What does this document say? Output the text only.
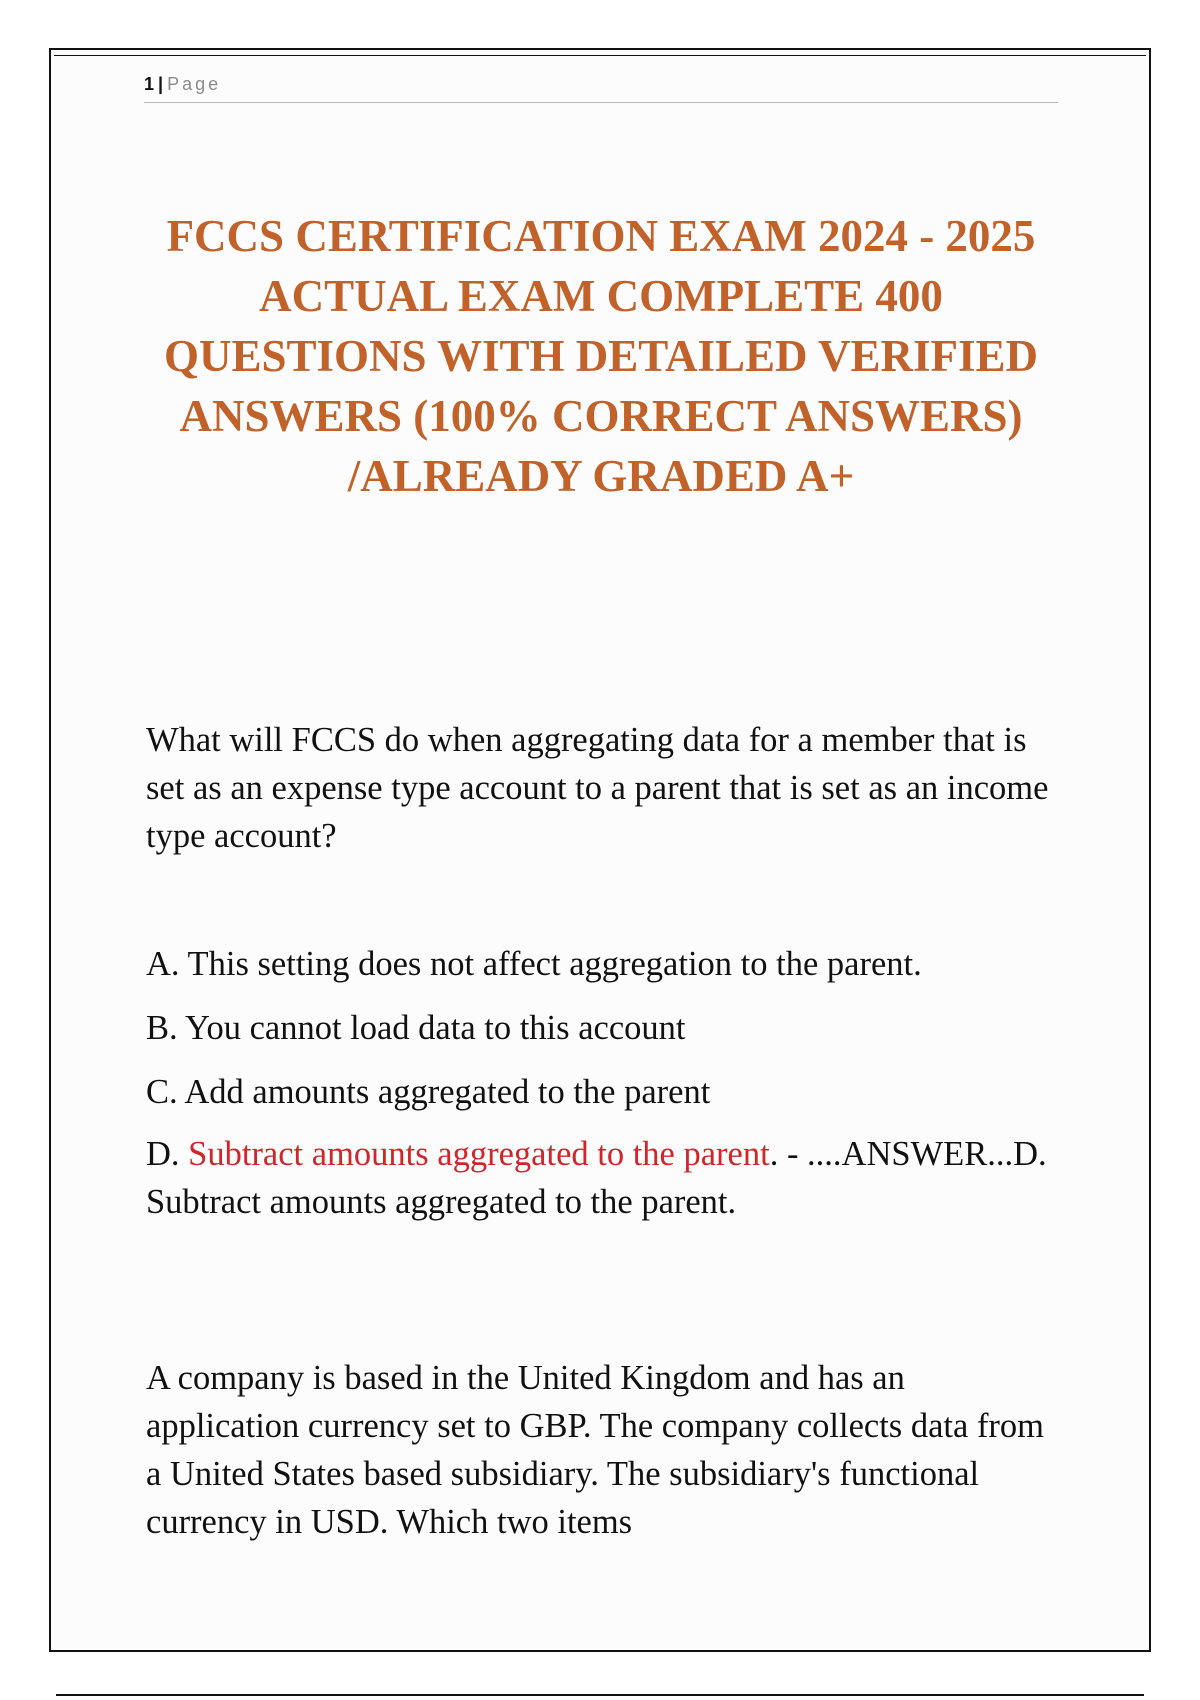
1 | Page
FCCS CERTIFICATION EXAM 2024 - 2025 ACTUAL EXAM COMPLETE 400 QUESTIONS WITH DETAILED VERIFIED ANSWERS (100% CORRECT ANSWERS) /ALREADY GRADED A+

What will FCCS do when aggregating data for a member that is set as an expense type account to a parent that is set as an income type account?

A. This setting does not affect aggregation to the parent.

B. You cannot load data to this account

C. Add amounts aggregated to the parent

D. Subtract amounts aggregated to the parent. - ....ANSWER...D. Subtract amounts aggregated to the parent.

A company is based in the United Kingdom and has an application currency set to GBP. The company collects data from a United States based subsidiary. The subsidiary's functional currency in USD. Which two items
